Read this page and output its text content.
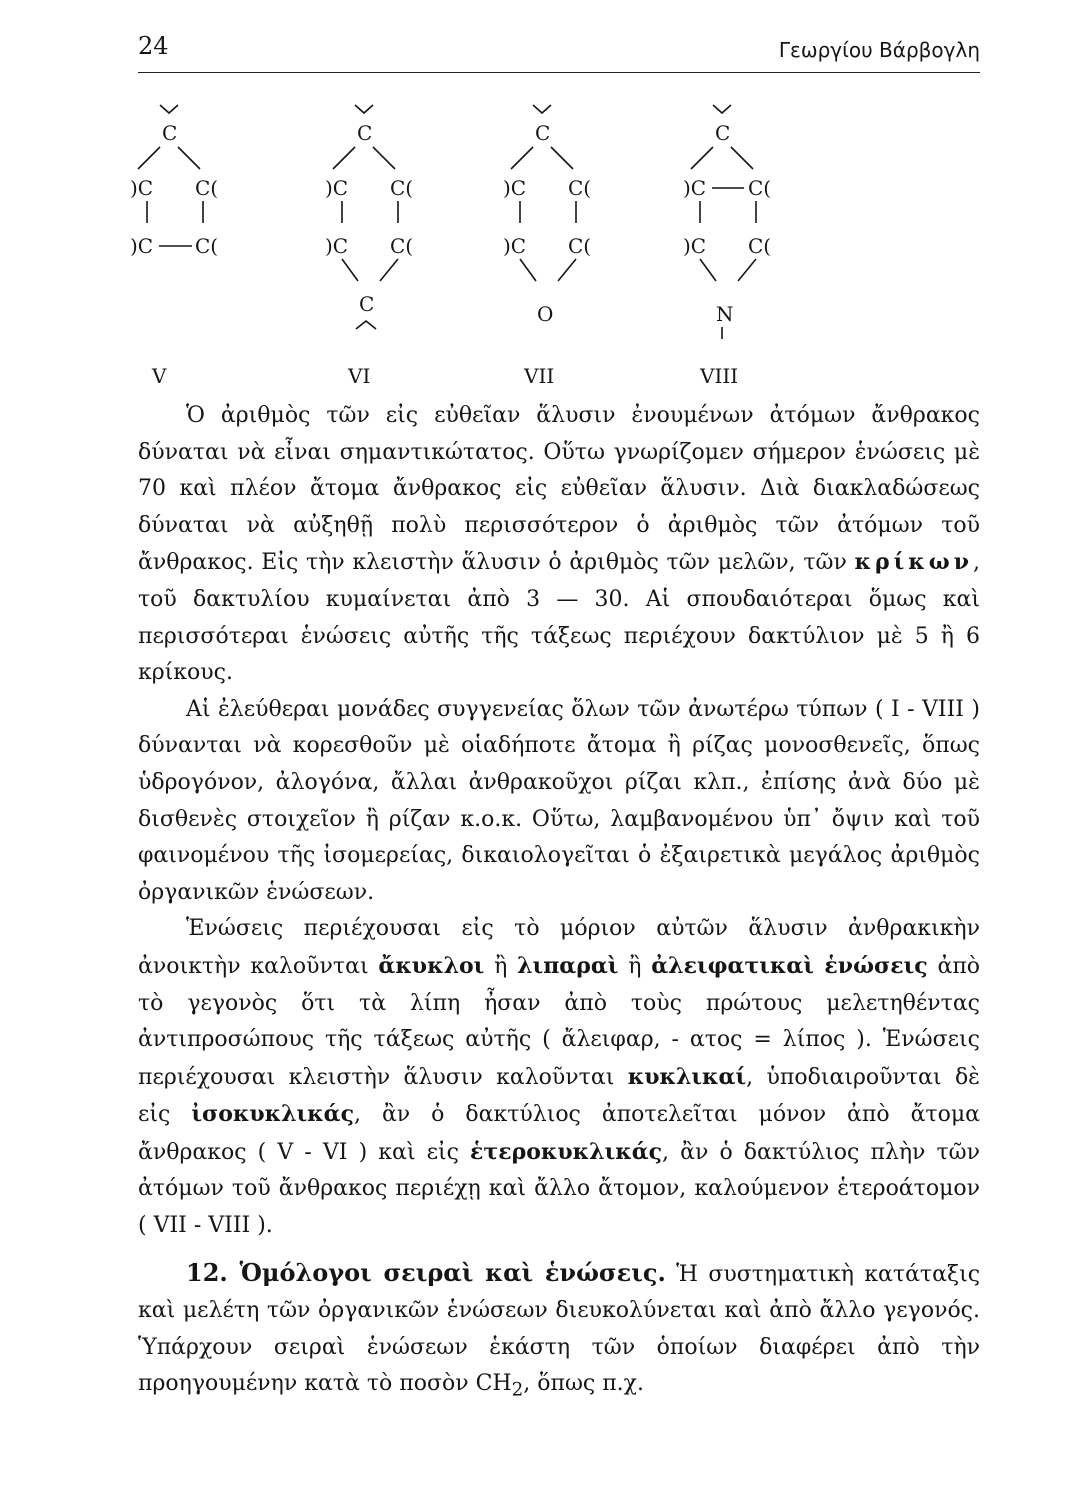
24	Γεωργίου Βάρβογλη
C
)C C(
)C C(
V
C
)C C(
)C C(
C
VI
C
)C C(
)C C(
O
VII
C
)C C(
)C C(
N
VIII

Ὁ ἀριθμὸς τῶν εἰς εὐθεῖαν ἅλυσιν ἐνουμένων ἀτόμων ἄνθρακος δύναται νὰ εἶναι σημαντικώτατος. Οὕτω γνωρίζομεν σήμερον ἑνώσεις μὲ 70 καὶ πλέον ἄτομα ἄνθρακος εἰς εὐθεῖαν ἅλυσιν. Διὰ διακλαδώσεως δύναται νὰ αὐξηθῇ πολὺ περισσότερον ὁ ἀριθμὸς τῶν ἀτόμων τοῦ ἄνθρακος. Εἰς τὴν κλειστὴν ἅλυσιν ὁ ἀριθμὸς τῶν μελῶν, τῶν κρίκων, τοῦ δακτυλίου κυμαίνεται ἀπὸ 3 — 30. Αἱ σπουδαιότεραι ὅμως καὶ περισσότεραι ἑνώσεις αὐτῆς τῆς τάξεως περιέχουν δακτύλιον μὲ 5 ἢ 6 κρίκους.

Αἱ ἐλεύθεραι μονάδες συγγενείας ὅλων τῶν ἀνωτέρω τύπων ( I - VIII ) δύνανται νὰ κορεσθοῦν μὲ οἱαδήποτε ἄτομα ἢ ρίζας μονοσθενεῖς, ὅπως ὑδρογόνον, ἀλογόνα, ἄλλαι ἀνθρακοῦχοι ρίζαι κλπ., ἐπίσης ἀνὰ δύο μὲ δισθενὲς στοιχεῖον ἢ ρίζαν κ.ο.κ. Οὕτω, λαμβανομένου ὑπ᾽ ὄψιν καὶ τοῦ φαινομένου τῆς ἰσομερείας, δικαιολογεῖται ὁ ἐξαιρετικὰ μεγάλος ἀριθμὸς ὀργανικῶν ἑνώσεων.

Ἑνώσεις περιέχουσαι εἰς τὸ μόριον αὐτῶν ἅλυσιν ἀνθρακικὴν ἀνοικτὴν καλοῦνται ἄκυκλοι ἢ λιπαραὶ ἢ ἀλειφατικαὶ ἑνώσεις ἀπὸ τὸ γεγονὸς ὅτι τὰ λίπη ἦσαν ἀπὸ τοὺς πρώτους μελετηθέντας ἀντιπροσώπους τῆς τάξεως αὐτῆς ( ἄλειφαρ, - ατος = λίπος ). Ἑνώσεις περιέχουσαι κλειστὴν ἅλυσιν καλοῦνται κυκλικαί, ὑποδιαιροῦνται δὲ εἰς ἰσοκυκλικάς, ἂν ὁ δακτύλιος ἀποτελεῖται μόνον ἀπὸ ἄτομα ἄνθρακος ( V - VI ) καὶ εἰς ἑτεροκυκλικάς, ἂν ὁ δακτύλιος πλὴν τῶν ἀτόμων τοῦ ἄνθρακος περιέχῃ καὶ ἄλλο ἄτομον, καλούμενον ἑτεροάτομον ( VII - VIII ).

12. Ὁμόλογοι σειραὶ καὶ ἑνώσεις. Ἡ συστηματικὴ κατάταξις καὶ μελέτη τῶν ὀργανικῶν ἑνώσεων διευκολύνεται καὶ ἀπὸ ἄλλο γεγονός. Ὑπάρχουν σειραὶ ἑνώσεων ἑκάστη τῶν ὁποίων διαφέρει ἀπὸ τὴν προηγουμένην κατὰ τὸ ποσὸν $CH_2$, ὅπως π.χ.
